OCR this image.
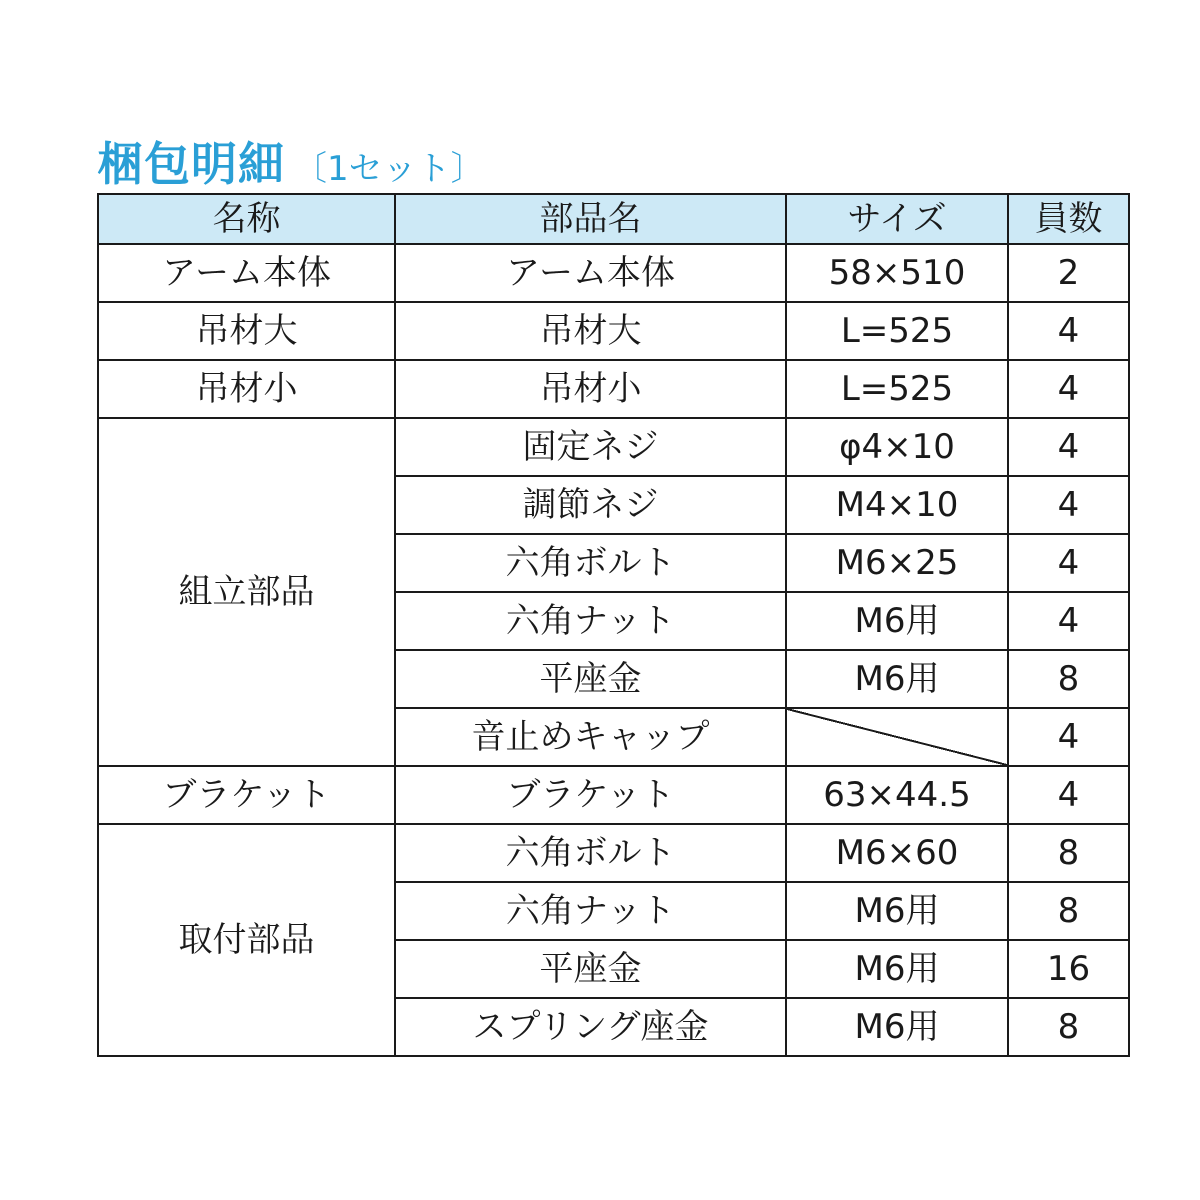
梱包明細 〔1セット〕
名称	部品名	サイズ	員数
アーム本体	アーム本体	58×510	2
吊材大	吊材大	L=525	4
吊材小	吊材小	L=525	4
組立部品	固定ネジ	φ4×10	4
	調節ネジ	M4×10	4
	六角ボルト	M6×25	4
	六角ナット	M6用	4
	平座金	M6用	8
	音止めキャップ		4
ブラケット	ブラケット	63×44.5	4
取付部品	六角ボルト	M6×60	8
	六角ナット	M6用	8
	平座金	M6用	16
	スプリング座金	M6用	8
